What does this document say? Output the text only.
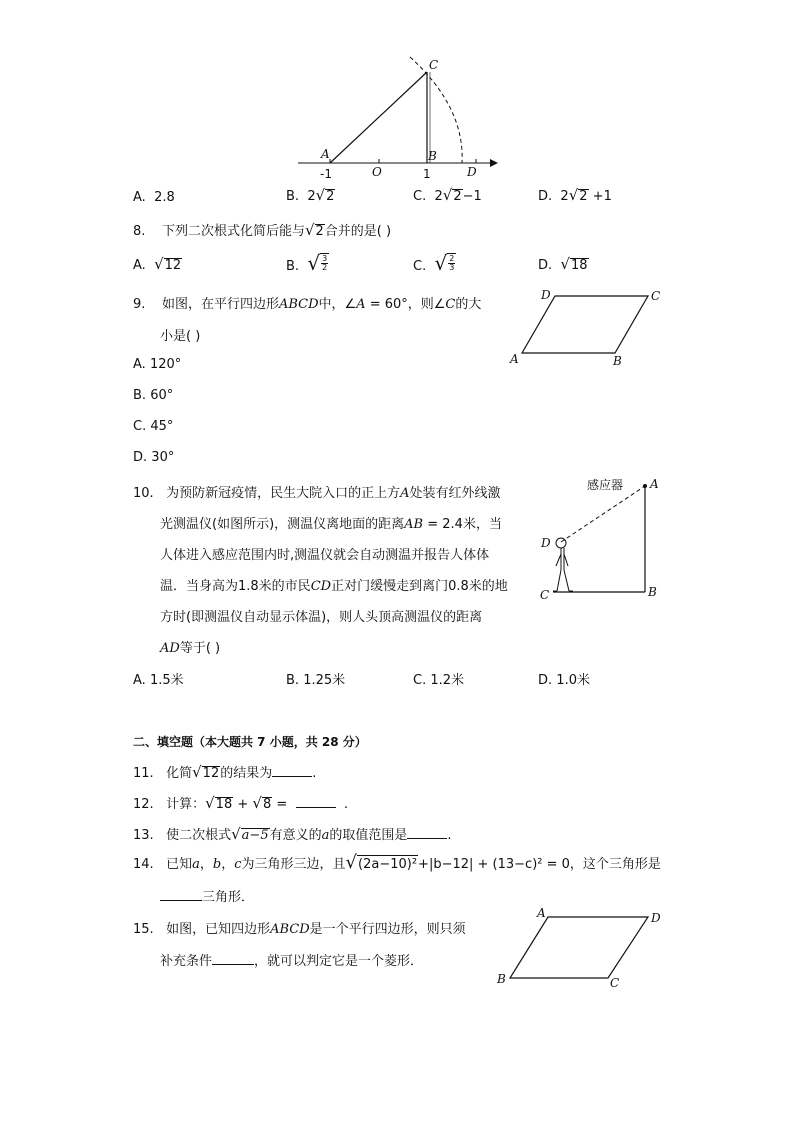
C
A	B
D
O
-1	1
A. 2.8	B. 2 √ 2	C. 2 √ 2 −1	D. 2 √ 2 +1
8. 下列二次根式化简后能与 √ 2 合并的是( )
A. √ 12	B. √ $\frac{3}{2}$	C. √ $\frac{2}{3}$	D. √ 18
9. 如图，在平行四边形ABCD中，∠A = 60°，则∠C的大
小是( )
A. 120°
B. 60°
C. 45°
D. 30°
A	B
C
D
10. 为预防新冠疫情，民生大院入口的正上方A处装有红外线激
光测温仪(如图所示)，测温仪离地面的距离AB = 2.4米，当
人体进入感应范围内时,测温仪就会自动测温并报告人体体
温．当身高为1.8米的市民CD正对门缓慢走到离门0.8米的地
方时(即测温仪自动显示体温)，则人头顶高测温仪的距离
AD等于( )
A. 1.5米	B. 1.25米	C. 1.2米	D. 1.0米
感应器 A
B
C
D
二、填空题（本大题共 7 小题，共 28 分）
11. 化简 √ 12 的结果为	.
12. 计算： √ 18 + √ 8 =	.
13. 使二次根式 √ a−5 有意义的a的取值范围是	.
14. 已知a，b，c为三角形三边，且 √ (2a−10)² +|b−12| + (13−c)² = 0，这个三角形是
三角形．
15. 如图，已知四边形ABCD是一个平行四边形，则只须
补充条件	，就可以判定它是一个菱形．
A
B	C
D
